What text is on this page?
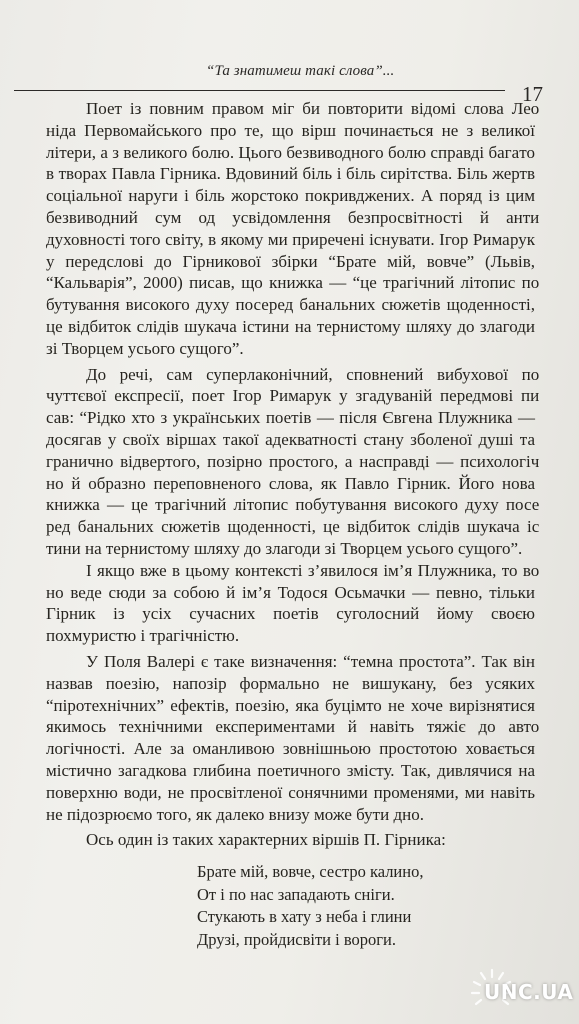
“Та знатимеш такі слова”...
17

Поет із повним правом міг би повторити відомі слова Лео ніда Первомайського про те, що вірш починається не з великої літери, а з великого болю. Цього безвиводного болю справді бага то в творах Павла Гірника. Вдовиний біль і біль сирітства. Біль жертв соціальної наруги і біль жорстоко покривджених. А поряд із цим безвиводний сум од усвідомлення безпросвітності й анти духовності того світу, в якому ми приречені існувати. Ігор Рима рук у передслові до Гірникової збірки “Брате мій, вовче” (Львів, “Кальварія”, 2000) писав, що книжка — “це трагічний літопис по бутування високого духу посеред банальних сюжетів щоденності, це відбиток слідів шукача істини на тернистому шляху до злагоди зі Творцем усього сущого”.

До речі, сам суперлаконічний, сповнений вибухової по чуттєвої експресії, поет Ігор Римарук у згадуваній передмові пи сав: “Рідко хто з українських поетів — після Євгена Плужника — досягав у своїх віршах такої адекватності стану зболеної душі та гранично відвертого, позірно простого, а насправді — психологіч но й образно переповненого слова, як Павло Гірник. Його нова книжка — це трагічний літопис побутування високого духу посе ред банальних сюжетів щоденності, це відбиток слідів шукача іс тини на тернистому шляху до злагоди зі Творцем усього сущого”.

І якщо вже в цьому контексті з’явилося ім’я Плужника, то во но веде сюди за собою й ім’я Тодося Осьмачки — певно, тільки Гірник із усіх сучасних поетів суголосний йому своєю похмуристю і трагічністю.

У Поля Валері є таке визначення: “темна простота”. Так він назвав поезію, напозір формально не вишукану, без усяких “піротехнічних” ефектів, поезію, яка буцімто не хоче вирізнятися якимось технічними експериментами й навіть тяжіє до авто логічності. Але за оманливою зовнішньою простотою ховається містично загадкова глибина поетичного змісту. Так, дивлячися на поверхню води, не просвітленої сонячними променями, ми навіть не підозрюємо того, як далеко внизу може бути дно.

Ось один із таких характерних віршів П. Гірника:

Брате мій, вовче, сестро калино,
От і по нас западають сніги.
Стукають в хату з неба і глини
Друзі, пройдисвіти і вороги.
UNC.UA
